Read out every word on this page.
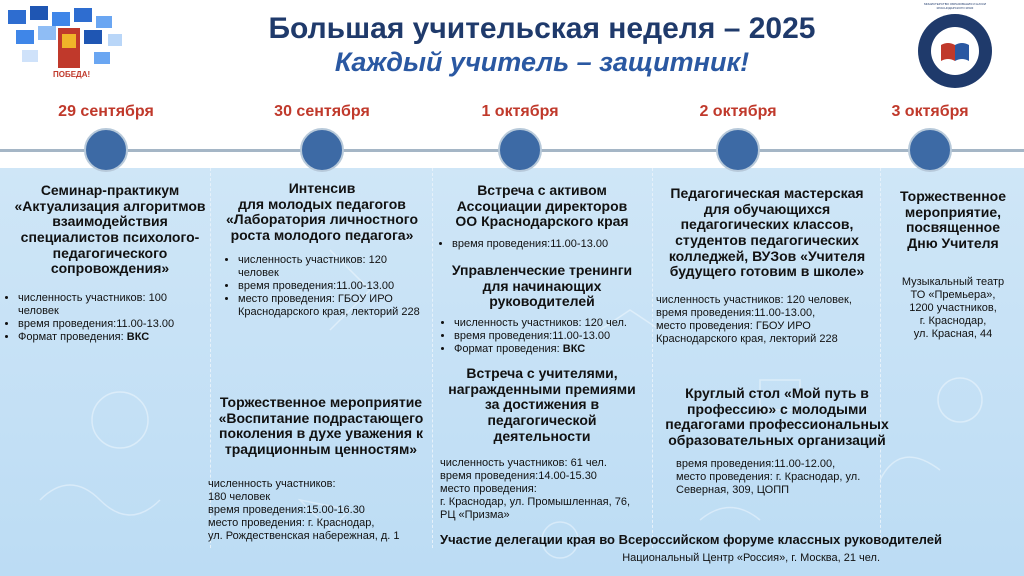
ПОБЕДА!
МИНИСТЕРСТВО ОБРАЗОВАНИЯ И НАУКИ КРАСНОДАРСКОГО КРАЯ
Большая учительская неделя – 2025
Каждый учитель – защитник!
29 сентября	30 сентября	1 октября	2 октября	3 октября
Семинар-практикум
«Актуализация алгоритмов
взаимодействия
специалистов психолого-
педагогического
сопровождения»
• численность участников: 100
человек
• время проведения:11.00-13.00
• Формат проведения: ВКС
Интенсив
для молодых педагогов
«Лаборатория личностного
роста молодого педагога»
• численность участников: 120
человек
• время проведения:11.00-13.00
• место проведения: ГБОУ ИРО
Краснодарского края, лекторий 228
Торжественное мероприятие
«Воспитание подрастающего
поколения в духе уважения к
традиционным ценностям»
численность участников:
180 человек
время проведения:15.00-16.30
место проведения: г. Краснодар,
ул. Рождественская набережная, д. 1
Встреча с активом
Ассоциации директоров
ОО Краснодарского края
• время проведения:11.00-13.00
Управленческие тренинги
для начинающих
руководителей
• численность участников: 120 чел.
• время проведения:11.00-13.00
• Формат проведения: ВКС
Встреча с учителями,
награжденными премиями
за достижения в
педагогической
деятельности
численность участников: 61 чел.
время проведения:14.00-15.30
место проведения:
г. Краснодар, ул. Промышленная, 76,
РЦ «Призма»
Педагогическая мастерская
для обучающихся
педагогических классов,
студентов педагогических
колледжей, ВУЗов «Учителя
будущего готовим в школе»
численность участников: 120 человек,
время проведения:11.00-13.00,
место проведения: ГБОУ ИРО
Краснодарского края, лекторий 228
Круглый стол «Мой путь в
профессию» с молодыми
педагогами профессиональных
образовательных организаций
время проведения:11.00-12.00,
место проведения: г. Краснодар, ул.
Северная, 309, ЦОПП
Торжественное
мероприятие,
посвященное
Дню Учителя
Музыкальный театр
ТО «Премьера»,
1200 участников,
г. Краснодар,
ул. Красная, 44
Участие делегации края во Всероссийском форуме классных руководителей
Национальный Центр «Россия», г. Москва, 21 чел.
